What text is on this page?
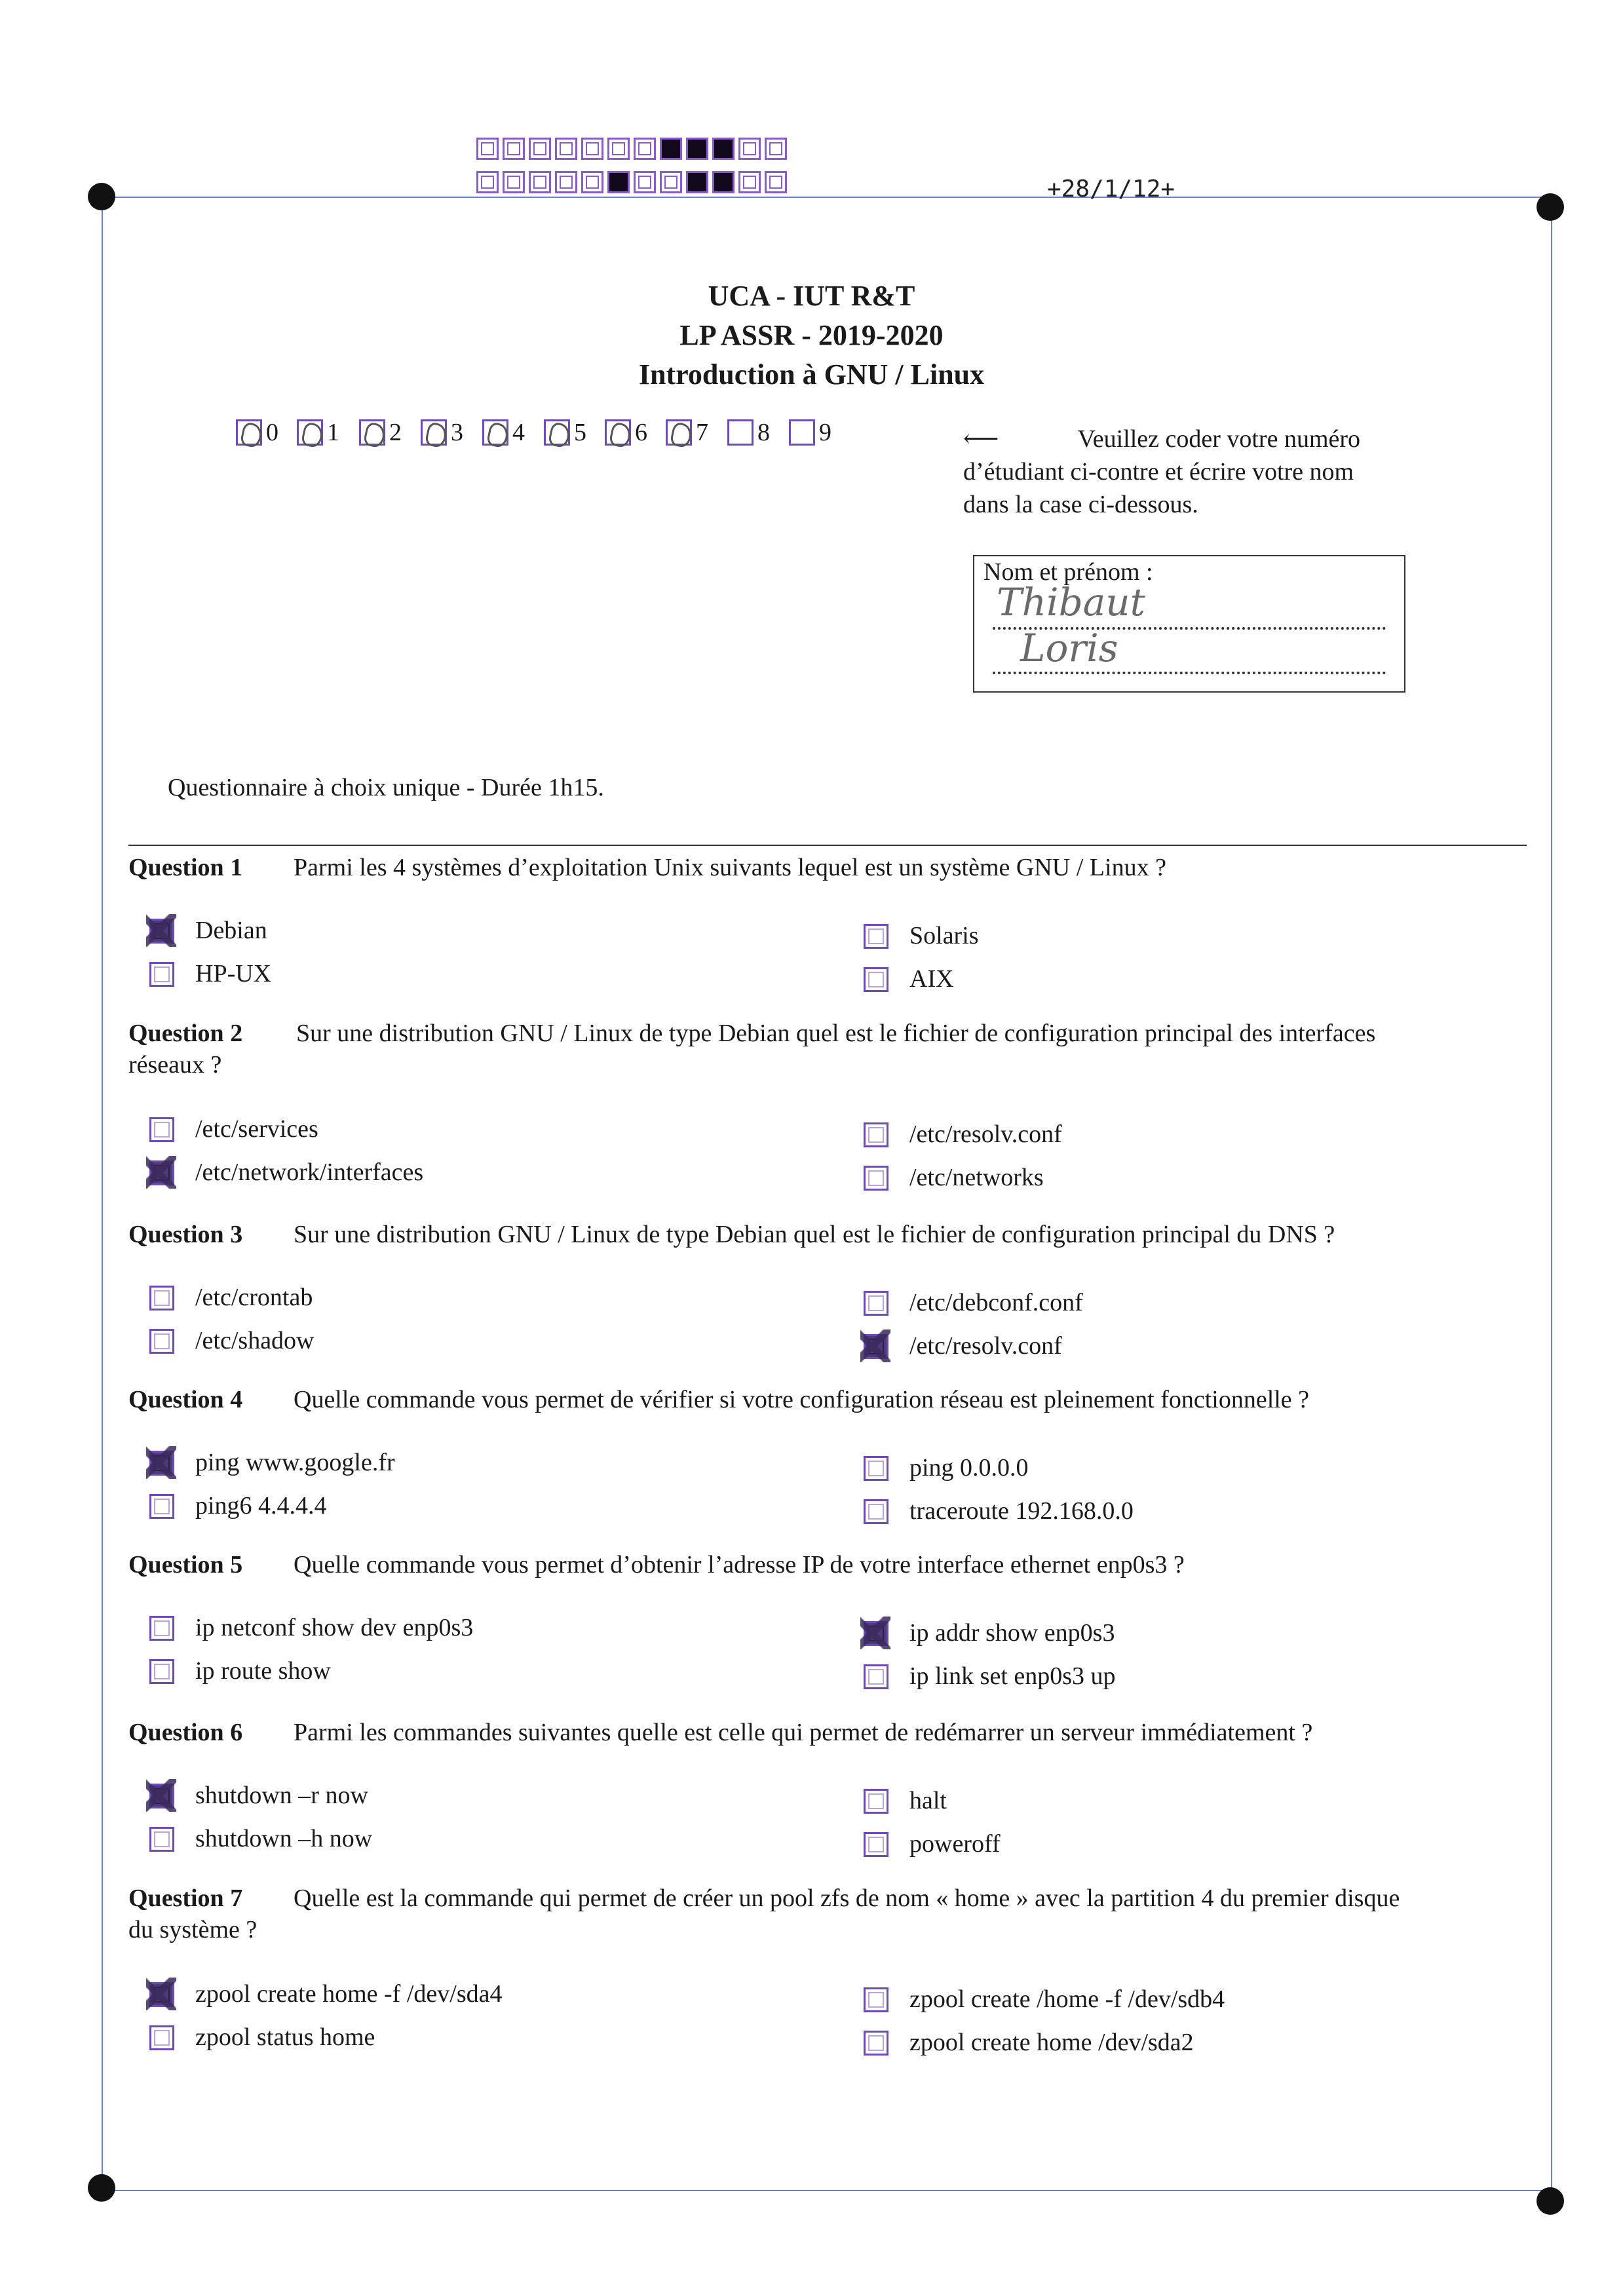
+28/1/12+
UCA - IUT R&T
LP ASSR - 2019-2020
Introduction à GNU / Linux
0 1 2 3 4 5 6 7 8 9	⟵	Veuillez coder votre numéro
d’étudiant ci-contre et écrire votre nom
dans la case ci-dessous.
Nom et prénom :
Thibaut
Loris
Questionnaire à choix unique - Durée 1h15.
Question 1 Parmi les 4 systèmes d’exploitation Unix suivants lequel est un système GNU / Linux ?
Debian	Solaris
HP-UX	AIX
Question 2 Sur une distribution GNU / Linux de type Debian quel est le fichier de configuration principal des interfaces
réseaux ?
/etc/services	/etc/resolv.conf
/etc/network/interfaces	/etc/networks
Question 3 Sur une distribution GNU / Linux de type Debian quel est le fichier de configuration principal du DNS ?
/etc/crontab	/etc/debconf.conf
/etc/shadow	/etc/resolv.conf
Question 4 Quelle commande vous permet de vérifier si votre configuration réseau est pleinement fonctionnelle ?
ping www.google.fr	ping 0.0.0.0
ping6 4.4.4.4	traceroute 192.168.0.0
Question 5 Quelle commande vous permet d’obtenir l’adresse IP de votre interface ethernet enp0s3 ?
ip netconf show dev enp0s3	ip addr show enp0s3
ip route show	ip link set enp0s3 up
Question 6 Parmi les commandes suivantes quelle est celle qui permet de redémarrer un serveur immédiatement ?
shutdown –r now	halt
shutdown –h now	poweroff
Question 7 Quelle est la commande qui permet de créer un pool zfs de nom « home » avec la partition 4 du premier disque
du système ?
zpool create home -f /dev/sda4	zpool create /home -f /dev/sdb4
zpool status home	zpool create home /dev/sda2
